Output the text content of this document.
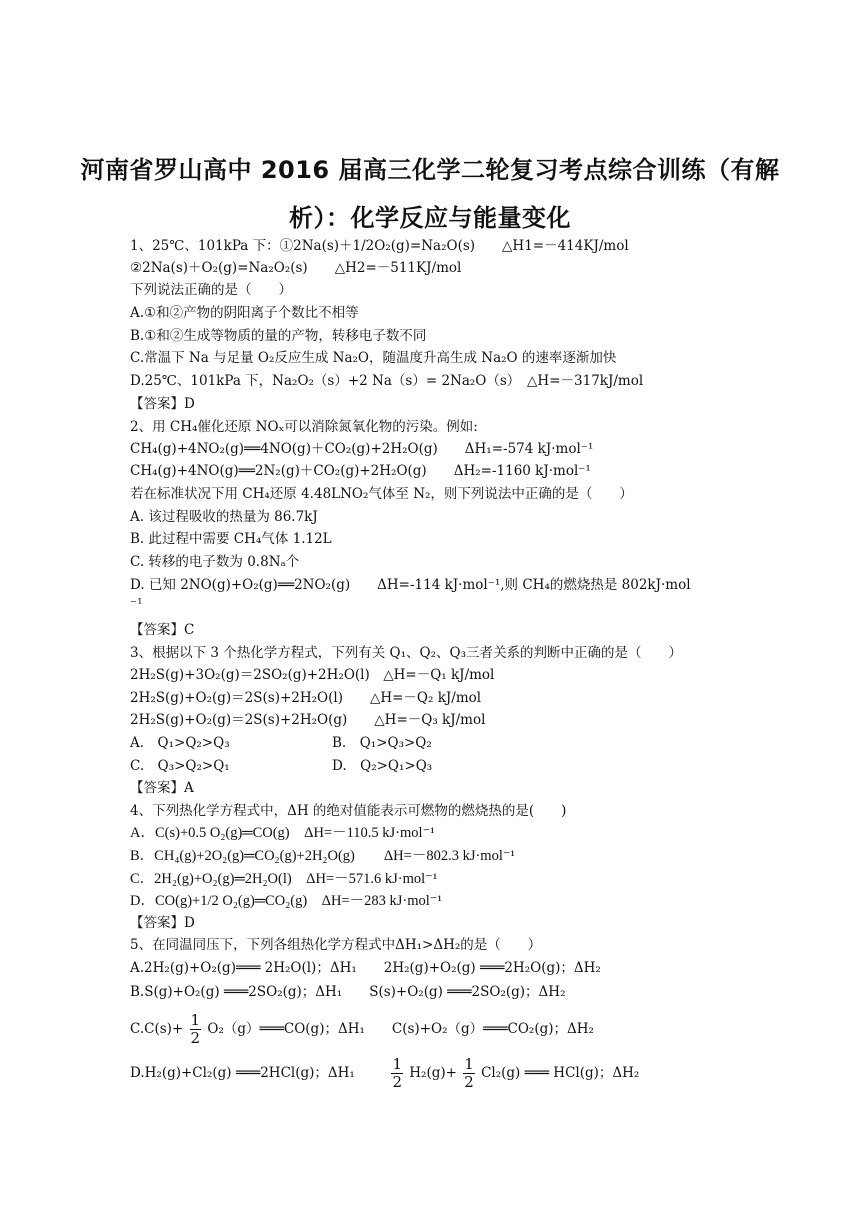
河南省罗山高中 2016 届高三化学二轮复习考点综合训练（有解
析）：化学反应与能量变化
1、25℃、101kPa 下：①2Na(s)＋1/2O₂(g)=Na₂O(s)　　△H1=－414KJ/mol
②2Na(s)＋O₂(g)=Na₂O₂(s)　　△H2=－511KJ/mol
下列说法正确的是（　　）
A.①和②产物的阴阳离子个数比不相等
B.①和②生成等物质的量的产物，转移电子数不同
C.常温下 Na 与足量 O₂反应生成 Na₂O，随温度升高生成 Na₂O 的速率逐渐加快
D.25℃、101kPa 下，Na₂O₂（s）+2 Na（s）= 2Na₂O（s）　△H=－317kJ/mol
【答案】D
2、用 CH₄催化还原 NOₓ可以消除氮氧化物的污染。例如:
CH₄(g)+4NO₂(g)══4NO(g)＋CO₂(g)+2H₂O(g)　　ΔH₁=-574 kJ·mol⁻¹
CH₄(g)+4NO(g)══2N₂(g)＋CO₂(g)+2H₂O(g)　　ΔH₂=-1160 kJ·mol⁻¹
若在标准状况下用 CH₄还原 4.48LNO₂气体至 N₂，则下列说法中正确的是（　　）
A. 该过程吸收的热量为 86.7kJ
B. 此过程中需要 CH₄气体 1.12L
C. 转移的电子数为 0.8Nₐ个
D. 已知 2NO(g)+O₂(g)══2NO₂(g)　　ΔH=-114 kJ·mol⁻¹,则 CH₄的燃烧热是 802kJ·mol
⁻¹
【答案】C
3、根据以下 3 个热化学方程式，下列有关 Q₁、Q₂、Q₃三者关系的判断中正确的是（　　）
2H₂S(g)+3O₂(g)＝2SO₂(g)+2H₂O(l)　△H=－Q₁ kJ/mol
2H₂S(g)+O₂(g)＝2S(s)+2H₂O(l)　　△H=－Q₂ kJ/mol
2H₂S(g)+O₂(g)＝2S(s)+2H₂O(g)　　△H=－Q₃ kJ/mol
A.　Q₁>Q₂>Q₃	B.　Q₁>Q₃>Q₂
C.　Q₃>Q₂>Q₁	D.　Q₂>Q₁>Q₃
【答案】A
4、下列热化学方程式中，ΔH 的绝对值能表示可燃物的燃烧热的是(　　)
A．C(s)+0.5 O₂(g)═CO(g)　ΔH=－110.5 kJ·mol⁻¹
B．CH₄(g)+2O₂(g)═CO₂(g)+2H₂O(g)　　ΔH=－802.3 kJ·mol⁻¹
C．2H₂(g)+O₂(g)═2H₂O(l)　ΔH=－571.6 kJ·mol⁻¹
D．CO(g)+1/2 O₂(g)═CO₂(g)　ΔH=－283 kJ·mol⁻¹
【答案】D
5、在同温同压下，下列各组热化学方程式中ΔH₁>ΔH₂的是（　　）
A.2H₂(g)+O₂(g)═══ 2H₂O(l)；ΔH₁　　2H₂(g)+O₂(g) ═══2H₂O(g)；ΔH₂
B.S(g)+O₂(g) ═══2SO₂(g)；ΔH₁　　S(s)+O₂(g) ═══2SO₂(g)；ΔH₂
$C.C(s)+ \frac{1}{2}$ O₂（g）═══CO(g)；ΔH₁　　C(s)+O₂（g）═══CO₂(g)；ΔH₂
D.H₂(g)+Cl₂(g) ═══2HCl(g)；$\Delta H_1 \frac{1}{2} H_2(g)+ \frac{1}{2} Cl_2(g)$ ═══ HCl(g)；ΔH₂
